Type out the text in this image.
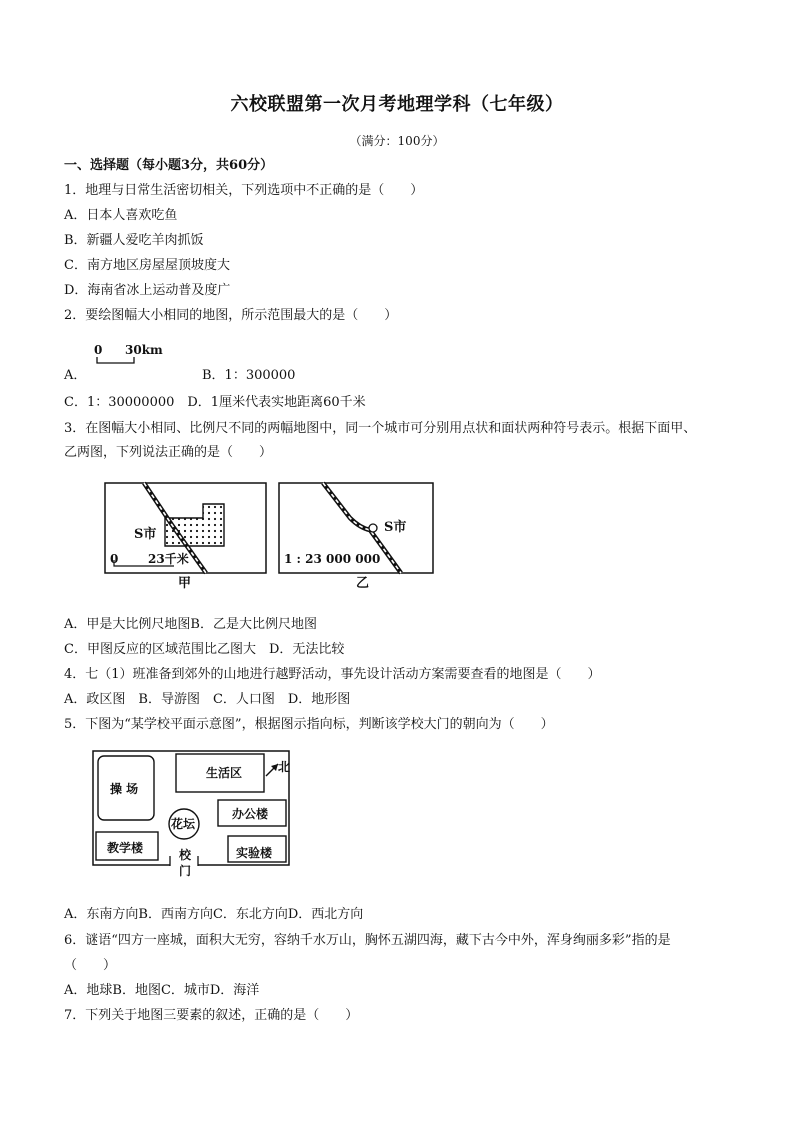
六校联盟第一次月考地理学科（七年级）
（满分：100分）
一、选择题（每小题3分，共60分）
1．地理与日常生活密切相关，下列选项中不正确的是（　　）
A．日本人喜欢吃鱼
B．新疆人爱吃羊肉抓饭
C．南方地区房屋屋顶坡度大
D．海南省冰上运动普及度广
2．要绘图幅大小相同的地图，所示范围最大的是（　　）
0 30km
A．	B．1：300000
C．1：30000000　D．1厘米代表实地距离60千米
3．在图幅大小相同、比例尺不同的两幅地图中，同一个城市可分别用点状和面状两种符号表示。根据下面甲、
乙两图，下列说法正确的是（　　）
S市
23千米
0
甲
S市
1 : 23 000 000
乙
A．甲是大比例尺地图B．乙是大比例尺地图
C．甲图反应的区域范围比乙图大　D．无法比较
4．七（1）班准备到郊外的山地进行越野活动，事先设计活动方案需要查看的地图是（　　）
A．政区图　B．导游图　C．人口图　D．地形图
5．下图为“某学校平面示意图”，根据图示指向标，判断该学校大门的朝向为（　　）
操 场
生活区	北
花坛
办公楼
教学楼	校
门
实验楼
A．东南方向B．西南方向C．东北方向D．西北方向
6．谜语“四方一座城，面积大无穷，容纳千水万山，胸怀五湖四海，藏下古今中外，浑身绚丽多彩”指的是
（　　）
A．地球B．地图C．城市D．海洋
7．下列关于地图三要素的叙述，正确的是（　　）
